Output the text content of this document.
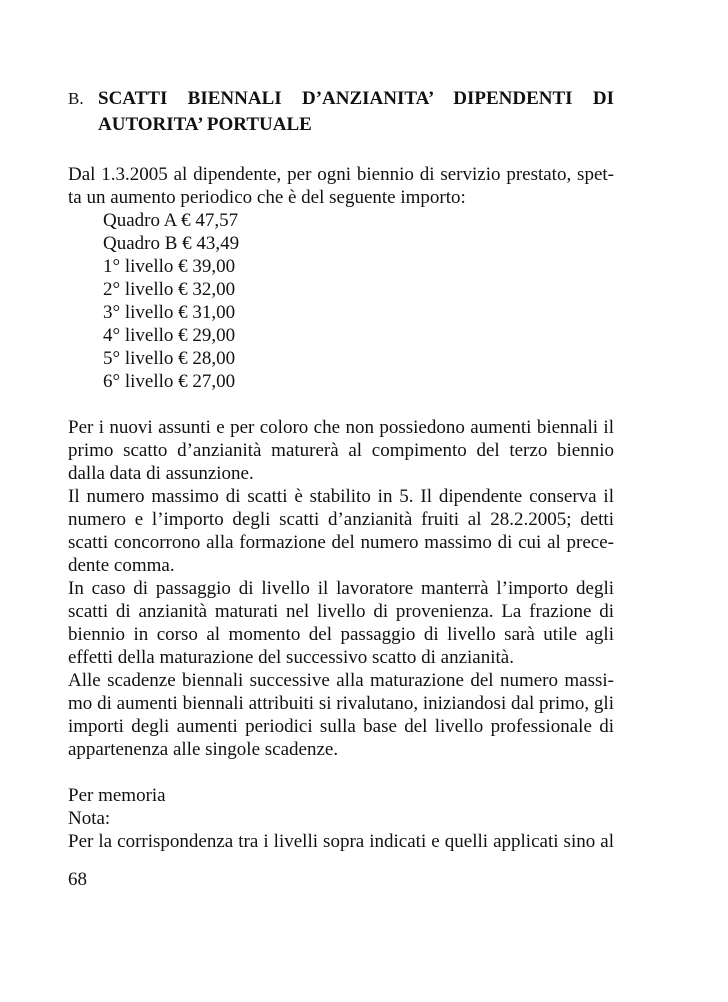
B. SCATTI BIENNALI D’ANZIANITA’ DIPENDENTI DI
AUTORITA’ PORTUALE
Dal 1.3.2005 al dipendente, per ogni biennio di servizio prestato, spet-
ta un aumento periodico che è del seguente importo:
Quadro A € 47,57
Quadro B € 43,49
1° livello € 39,00
2° livello € 32,00
3° livello € 31,00
4° livello € 29,00
5° livello € 28,00
6° livello € 27,00
Per i nuovi assunti e per coloro che non possiedono aumenti biennali il
primo scatto d’anzianità maturerà al compimento del terzo biennio
dalla data di assunzione.
Il numero massimo di scatti è stabilito in 5. Il dipendente conserva il
numero e l’importo degli scatti d’anzianità fruiti al 28.2.2005; detti
scatti concorrono alla formazione del numero massimo di cui al prece-
dente comma.
In caso di passaggio di livello il lavoratore manterrà l’importo degli
scatti di anzianità maturati nel livello di provenienza. La frazione di
biennio in corso al momento del passaggio di livello sarà utile agli
effetti della maturazione del successivo scatto di anzianità.
Alle scadenze biennali successive alla maturazione del numero massi-
mo di aumenti biennali attribuiti si rivalutano, iniziandosi dal primo, gli
importi degli aumenti periodici sulla base del livello professionale di
appartenenza alle singole scadenze.
Per memoria
Nota:
Per la corrispondenza tra i livelli sopra indicati e quelli applicati sino al
68
